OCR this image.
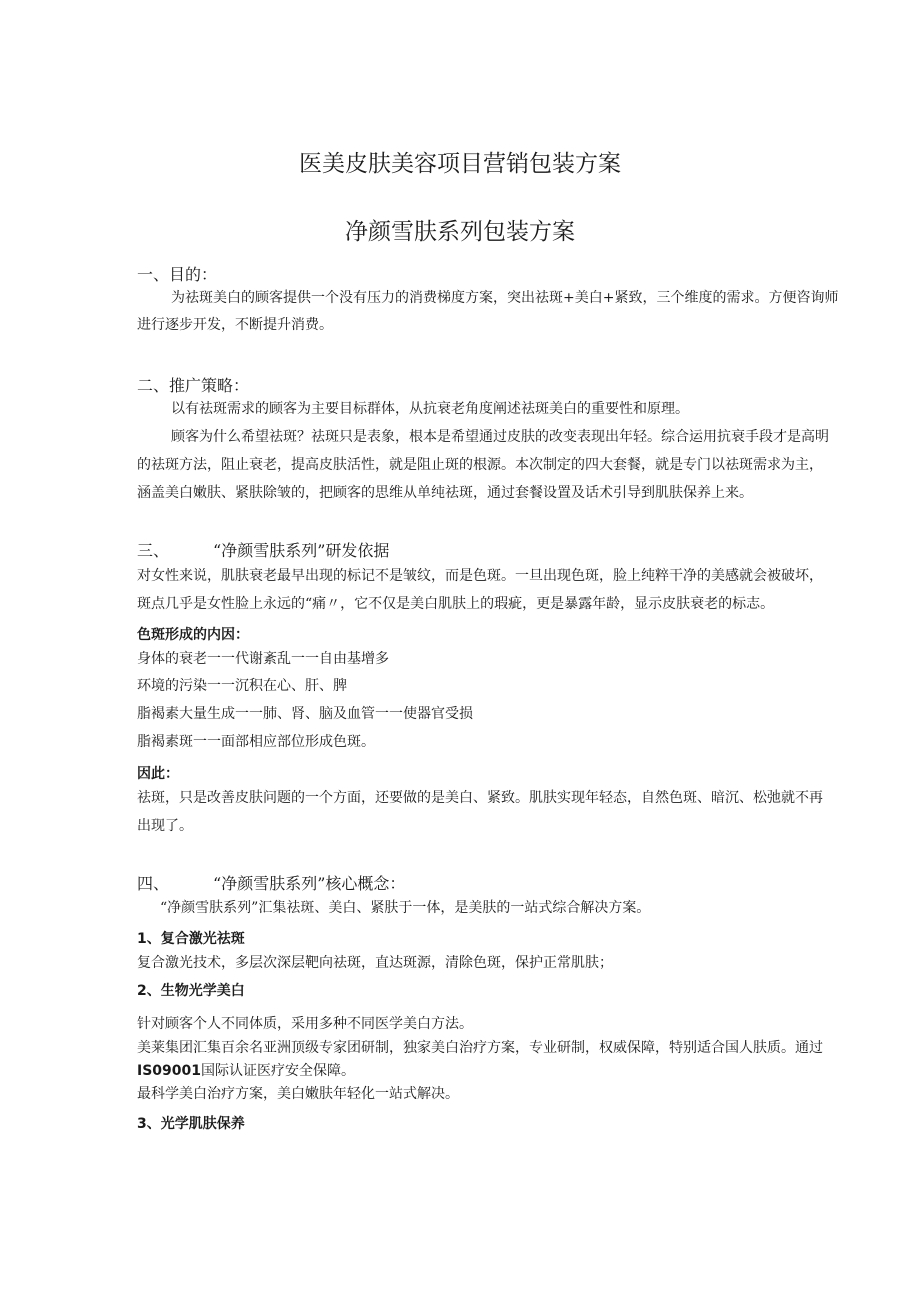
医美皮肤美容项目营销包装方案
净颜雪肤系列包装方案
一、目的：
为祛斑美白的顾客提供一个没有压力的消费梯度方案，突出祛斑+美白+紧致，三个维度的需求。方便咨询师
进行逐步开发，不断提升消费。
二、推广策略：
以有祛斑需求的顾客为主要目标群体，从抗衰老角度阐述祛斑美白的重要性和原理。
顾客为什么希望祛斑？祛斑只是表象，根本是希望通过皮肤的改变表现出年轻。综合运用抗衰手段才是高明
的祛斑方法，阻止衰老，提高皮肤活性，就是阻止斑的根源。本次制定的四大套餐，就是专门以祛斑需求为主，
涵盖美白嫩肤、紧肤除皱的，把顾客的思维从单纯祛斑，通过套餐设置及话术引导到肌肤保养上来。
三、	“净颜雪肤系列”研发依据
对女性来说，肌肤衰老最早出现的标记不是皱纹，而是色斑。一旦出现色斑，脸上纯粹干净的美感就会被破坏，
斑点几乎是女性脸上永远的“痛〃，它不仅是美白肌肤上的瑕疵，更是暴露年龄，显示皮肤衰老的标志。
色斑形成的内因：
身体的衰老一一代谢紊乱一一自由基增多
环境的污染一一沉积在心、肝、脾
脂褐素大量生成一一肺、肾、脑及血管一一使器官受损
脂褐素斑一一面部相应部位形成色斑。
因此：
祛斑，只是改善皮肤问题的一个方面，还要做的是美白、紧致。肌肤实现年轻态，自然色斑、暗沉、松弛就不再
出现了。
四、	“净颜雪肤系列”核心概念：
“净颜雪肤系列”汇集祛斑、美白、紧肤于一体，是美肤的一站式综合解决方案。
1、复合激光祛斑
复合激光技术，多层次深层靶向祛斑，直达斑源，清除色斑，保护正常肌肤；
2、生物光学美白
针对顾客个人不同体质，采用多种不同医学美白方法。
美莱集团汇集百余名亚洲顶级专家团研制，独家美白治疗方案，专业研制，权威保障，特别适合国人肤质。通过
IS09001国际认证医疗安全保障。
最科学美白治疗方案，美白嫩肤年轻化一站式解决。
3、光学肌肤保养
